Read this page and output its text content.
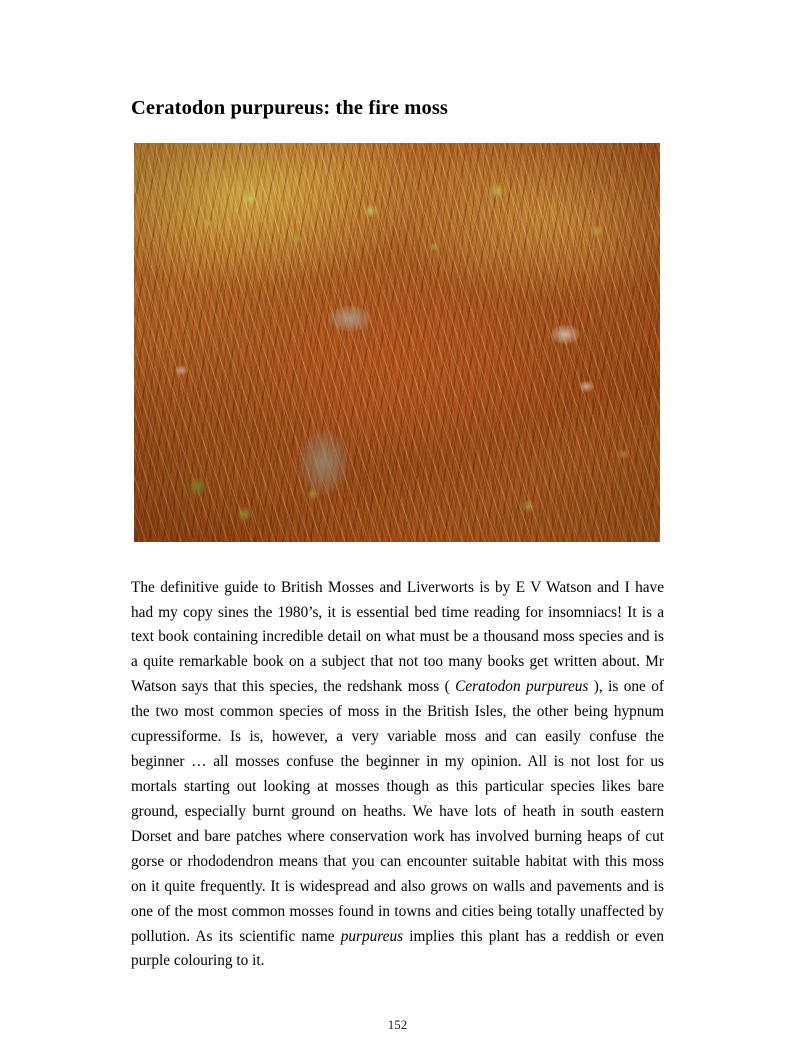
Ceratodon purpureus: the fire moss

The definitive guide to British Mosses and Liverworts is by E V Watson and I have had my copy sines the 1980’s, it is essential bed time reading for insomniacs! It is a text book containing incredible detail on what must be a thousand moss species and is a quite remarkable book on a subject that not too many books get written about. Mr Watson says that this species, the redshank moss ( Ceratodon purpureus ), is one of the two most common species of moss in the British Isles, the other being hypnum cupressiforme. Is is, however, a very variable moss and can easily confuse the beginner … all mosses confuse the beginner in my opinion. All is not lost for us mortals starting out looking at mosses though as this particular species likes bare ground, especially burnt ground on heaths. We have lots of heath in south eastern Dorset and bare patches where conservation work has involved burning heaps of cut gorse or rhododendron means that you can encounter suitable habitat with this moss on it quite frequently. It is widespread and also grows on walls and pavements and is one of the most common mosses found in towns and cities being totally unaffected by pollution. As its scientific name purpureus implies this plant has a reddish or even purple colouring to it.

152
